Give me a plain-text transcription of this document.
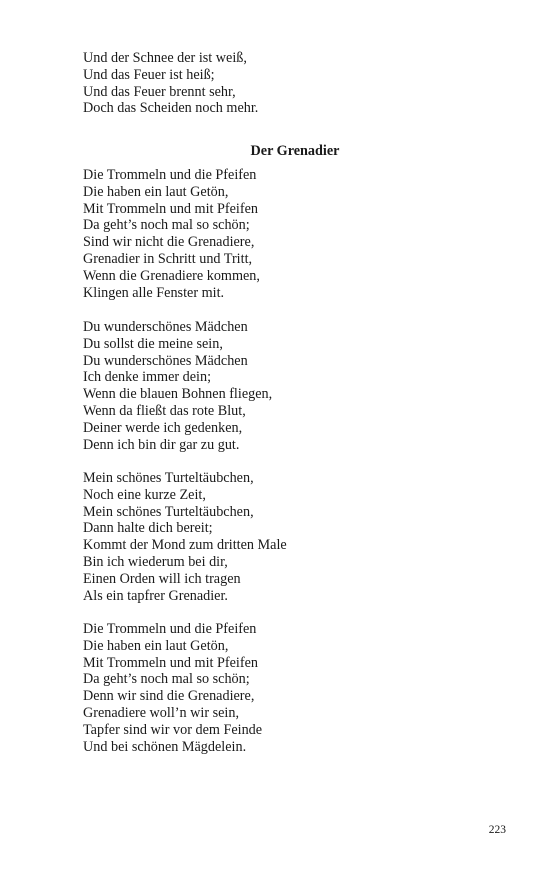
Und der Schnee der ist weiß,
Und das Feuer ist heiß;
Und das Feuer brennt sehr,
Doch das Scheiden noch mehr.
Der Grenadier
Die Trommeln und die Pfeifen
Die haben ein laut Getön,
Mit Trommeln und mit Pfeifen
Da geht’s noch mal so schön;
Sind wir nicht die Grenadiere,
Grenadier in Schritt und Tritt,
Wenn die Grenadiere kommen,
Klingen alle Fenster mit.
Du wunderschönes Mädchen
Du sollst die meine sein,
Du wunderschönes Mädchen
Ich denke immer dein;
Wenn die blauen Bohnen fliegen,
Wenn da fließt das rote Blut,
Deiner werde ich gedenken,
Denn ich bin dir gar zu gut.
Mein schönes Turteltäubchen,
Noch eine kurze Zeit,
Mein schönes Turteltäubchen,
Dann halte dich bereit;
Kommt der Mond zum dritten Male
Bin ich wiederum bei dir,
Einen Orden will ich tragen
Als ein tapfrer Grenadier.
Die Trommeln und die Pfeifen
Die haben ein laut Getön,
Mit Trommeln und mit Pfeifen
Da geht’s noch mal so schön;
Denn wir sind die Grenadiere,
Grenadiere woll’n wir sein,
Tapfer sind wir vor dem Feinde
Und bei schönen Mägdelein.
223
